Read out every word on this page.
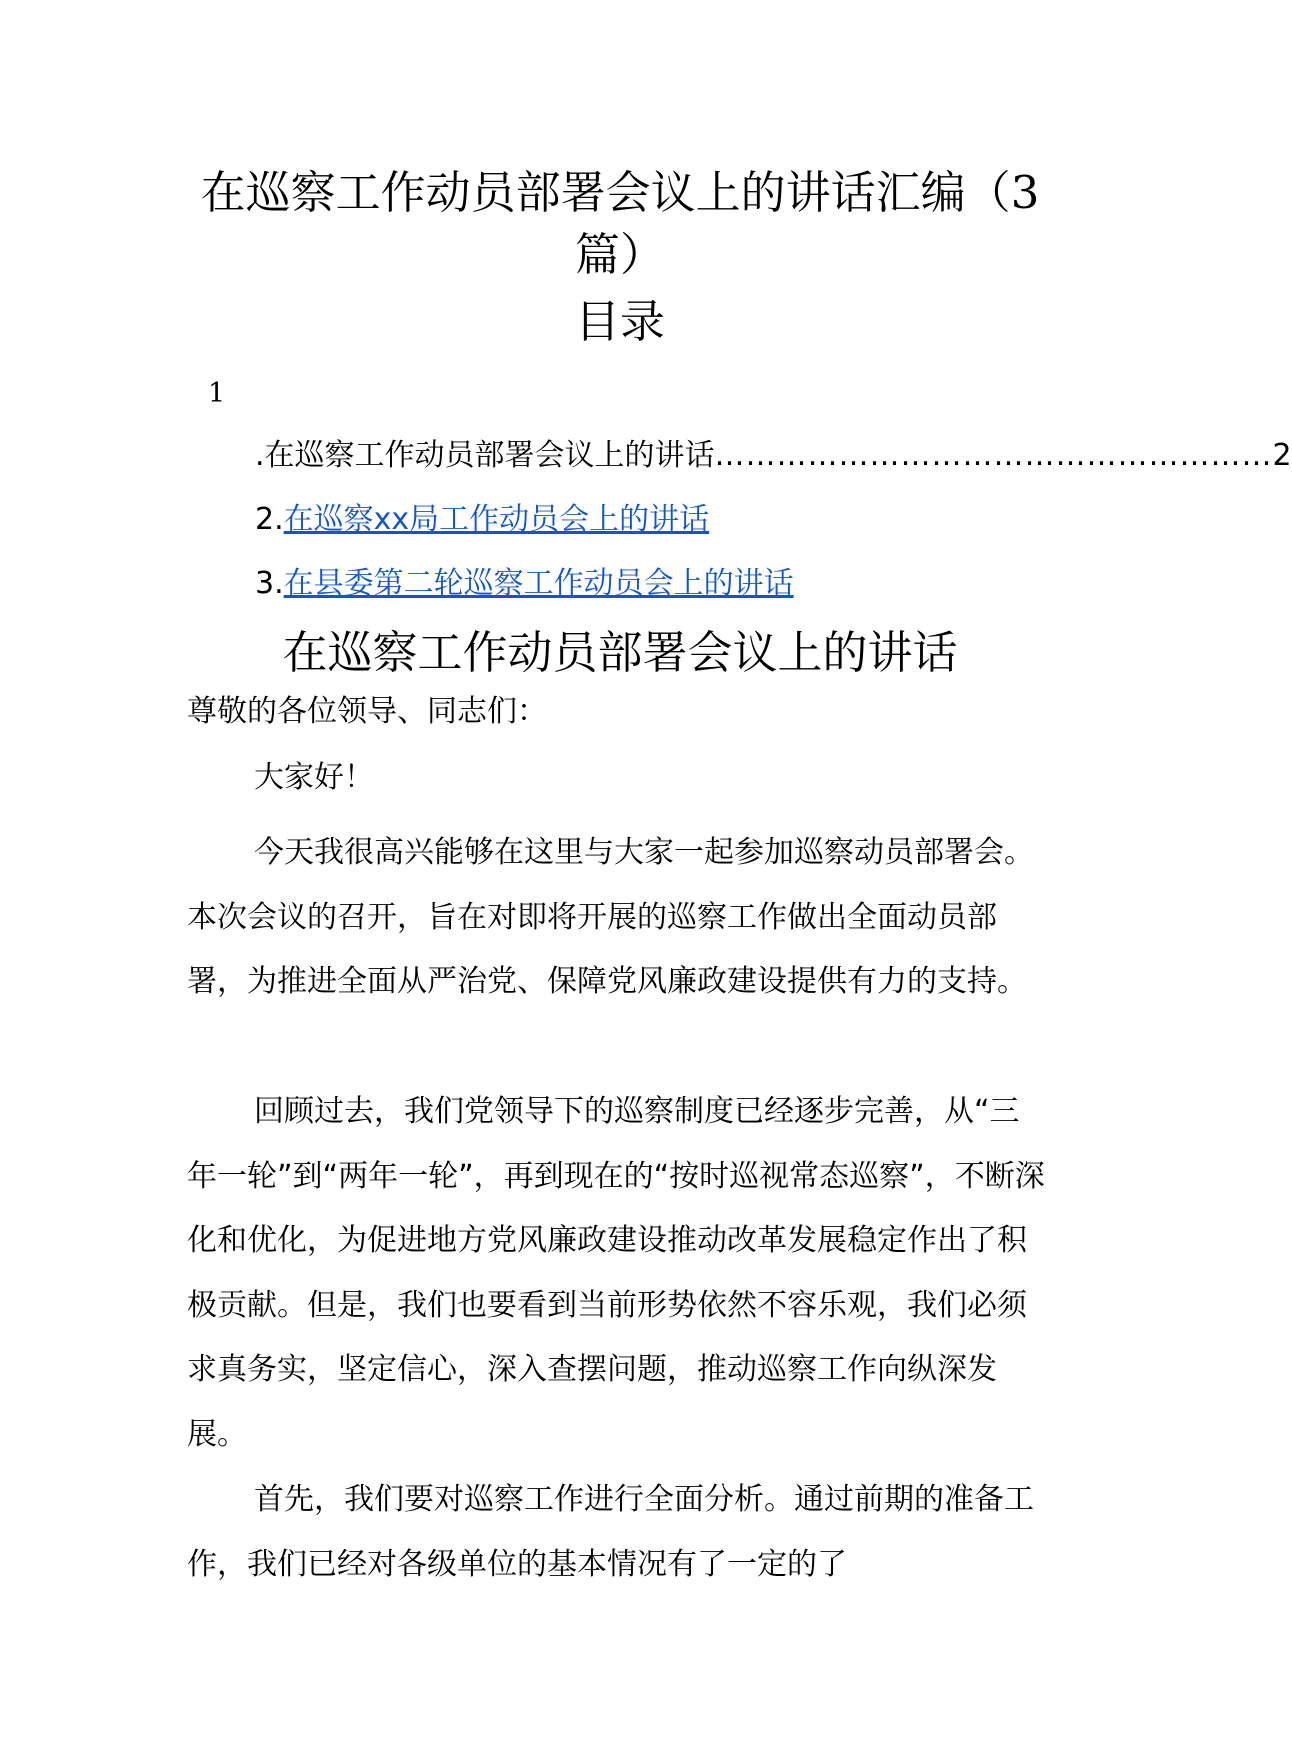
在巡察工作动员部署会议上的讲话汇编（3
篇）
目录
1
. 在巡察工作动员部署会议上的讲话 ……………………………………………… 2
2.在巡察xx局工作动员会上的讲话
3.在县委第二轮巡察工作动员会上的讲话
在巡察工作动员部署会议上的讲话
尊敬的各位领导、同志们：
大家好！
今天我很高兴能够在这里与大家一起参加巡察动员部署会。本次会议的召开，旨在对即将开展的巡察工作做出全面动员部署，为推进全面从严治党、保障党风廉政建设提供有力的支持。
回顾过去，我们党领导下的巡察制度已经逐步完善，从“三年一轮”到“两年一轮”，再到现在的“按时巡视常态巡察”，不断深化和优化，为促进地方党风廉政建设推动改革发展稳定作出了积极贡献。但是，我们也要看到当前形势依然不容乐观，我们必须求真务实，坚定信心，深入查摆问题，推动巡察工作向纵深发展。
首先，我们要对巡察工作进行全面分析。通过前期的准备工作，我们已经对各级单位的基本情况有了一定的了
